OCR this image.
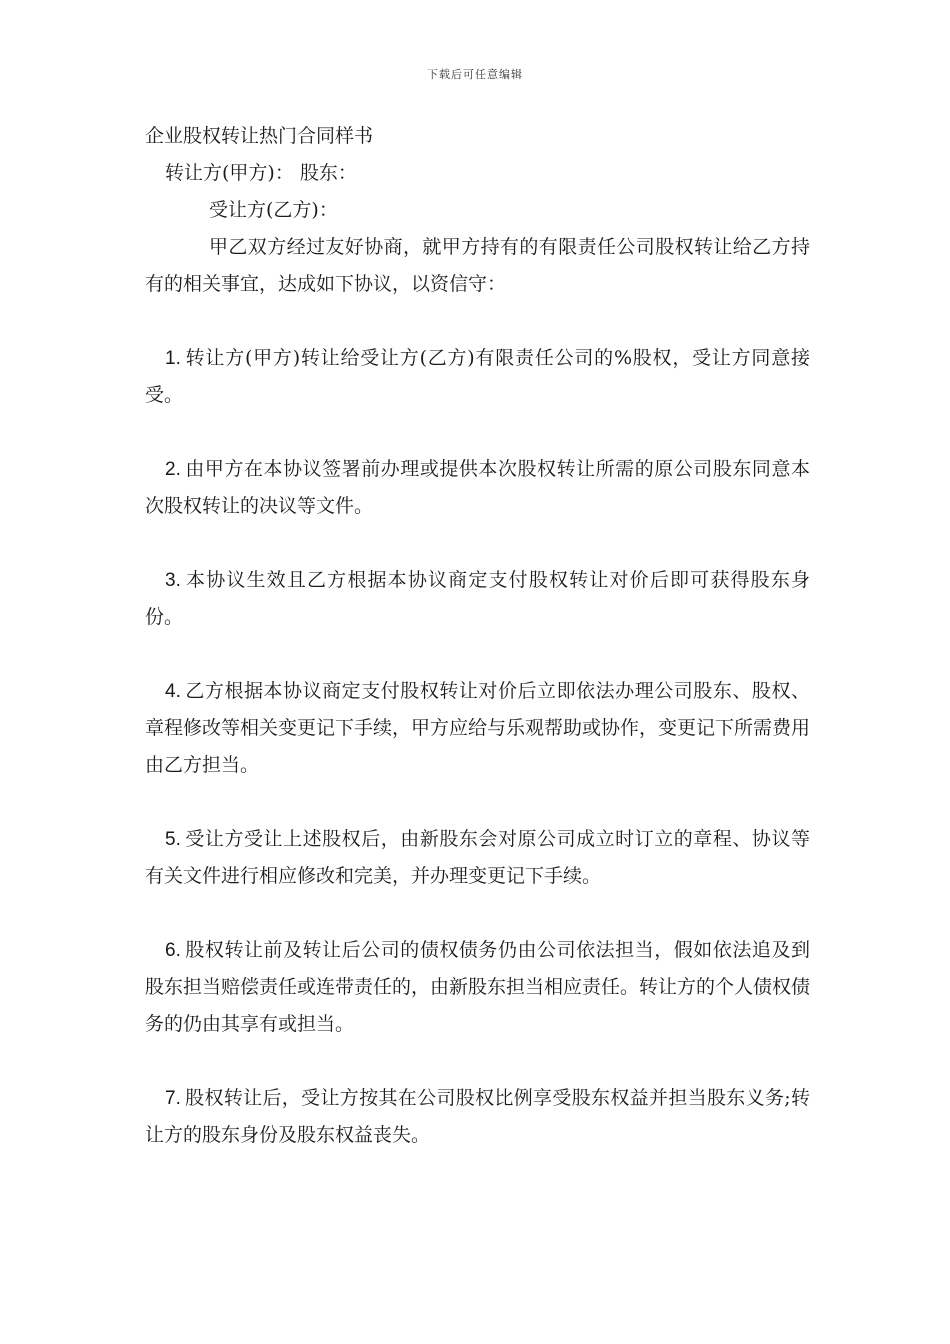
下载后可任意编辑
企业股权转让热门合同样书
转让方(甲方)： 股东：
受让方(乙方)：

甲乙双方经过友好协商，就甲方持有的有限责任公司股权转让给乙方持有的相关事宜，达成如下协议，以资信守：

1. 转让方(甲方)转让给受让方(乙方)有限责任公司的%股权，受让方同意接受。

2. 由甲方在本协议签署前办理或提供本次股权转让所需的原公司股东同意本次股权转让的决议等文件。

3. 本协议生效且乙方根据本协议商定支付股权转让对价后即可获得股东身份。

4. 乙方根据本协议商定支付股权转让对价后立即依法办理公司股东、股权、章程修改等相关变更记下手续，甲方应给与乐观帮助或协作，变更记下所需费用由乙方担当。

5. 受让方受让上述股权后，由新股东会对原公司成立时订立的章程、协议等有关文件进行相应修改和完美，并办理变更记下手续。

6. 股权转让前及转让后公司的债权债务仍由公司依法担当，假如依法追及到股东担当赔偿责任或连带责任的，由新股东担当相应责任。转让方的个人债权债务的仍由其享有或担当。

7. 股权转让后，受让方按其在公司股权比例享受股东权益并担当股东义务;转让方的股东身份及股东权益丧失。
